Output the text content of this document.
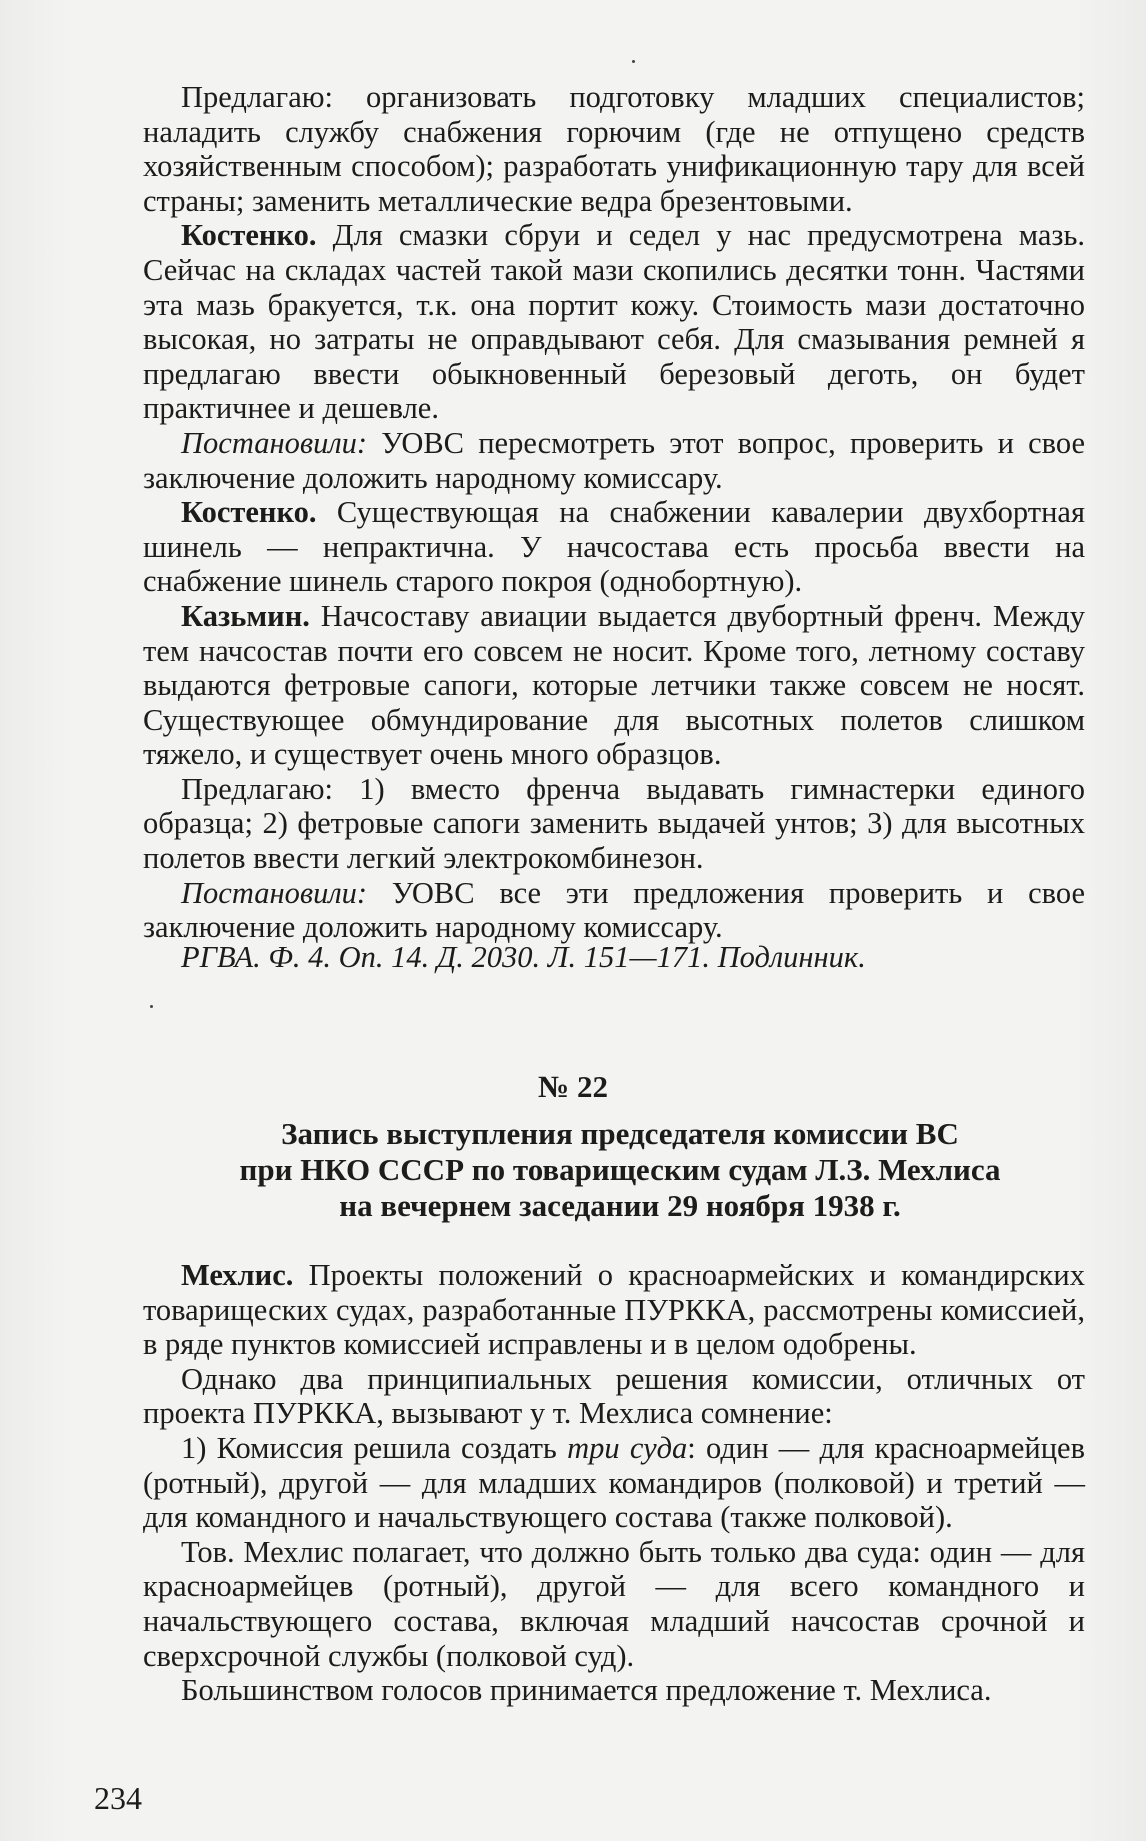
Предлагаю: организовать подготовку младших специалистов; наладить службу снабжения горючим (где не отпущено средств хозяйственным способом); разработать унификационную тару для всей страны; заменить металлические ведра брезентовыми.

Костенко. Для смазки сбруи и седел у нас предусмотрена мазь. Сейчас на складах частей такой мази скопились десятки тонн. Частями эта мазь бракуется, т.к. она портит кожу. Стоимость мази достаточно высокая, но затраты не оправдывают себя. Для смазывания ремней я предлагаю ввести обыкновенный березовый деготь, он будет практичнее и дешевле.

Постановили: УОВС пересмотреть этот вопрос, проверить и свое заключение доложить народному комиссару.

Костенко. Существующая на снабжении кавалерии двухбортная шинель — непрактична. У начсостава есть просьба ввести на снабжение шинель старого покроя (однобортную).

Казьмин. Начсоставу авиации выдается двубортный френч. Между тем начсостав почти его совсем не носит. Кроме того, летному составу выдаются фетровые сапоги, которые летчики также совсем не носят. Существующее обмундирование для высотных полетов слишком тяжело, и существует очень много образцов.

Предлагаю: 1) вместо френча выдавать гимнастерки единого образца; 2) фетровые сапоги заменить выдачей унтов; 3) для высотных полетов ввести легкий электрокомбинезон.

Постановили: УОВС все эти предложения проверить и свое заключение доложить народному комиссару.

РГВА. Ф. 4. Оп. 14. Д. 2030. Л. 151—171. Подлинник.
№ 22
Запись выступления председателя комиссии ВС
при НКО СССР по товарищеским судам Л.З. Мехлиса
на вечернем заседании 29 ноября 1938 г.

Мехлис. Проекты положений о красноармейских и командирских товарищеских судах, разработанные ПУРККА, рассмотрены комиссией, в ряде пунктов комиссией исправлены и в целом одобрены.

Однако два принципиальных решения комиссии, отличных от проекта ПУРККА, вызывают у т. Мехлиса сомнение:

1) Комиссия решила создать три суда: один — для красноармейцев (ротный), другой — для младших командиров (полковой) и третий — для командного и начальствующего состава (также полковой).

Тов. Мехлис полагает, что должно быть только два суда: один — для красноармейцев (ротный), другой — для всего командного и начальствующего состава, включая младший начсостав срочной и сверхсрочной службы (полковой суд).

Большинством голосов принимается предложение т. Мехлиса.

234
